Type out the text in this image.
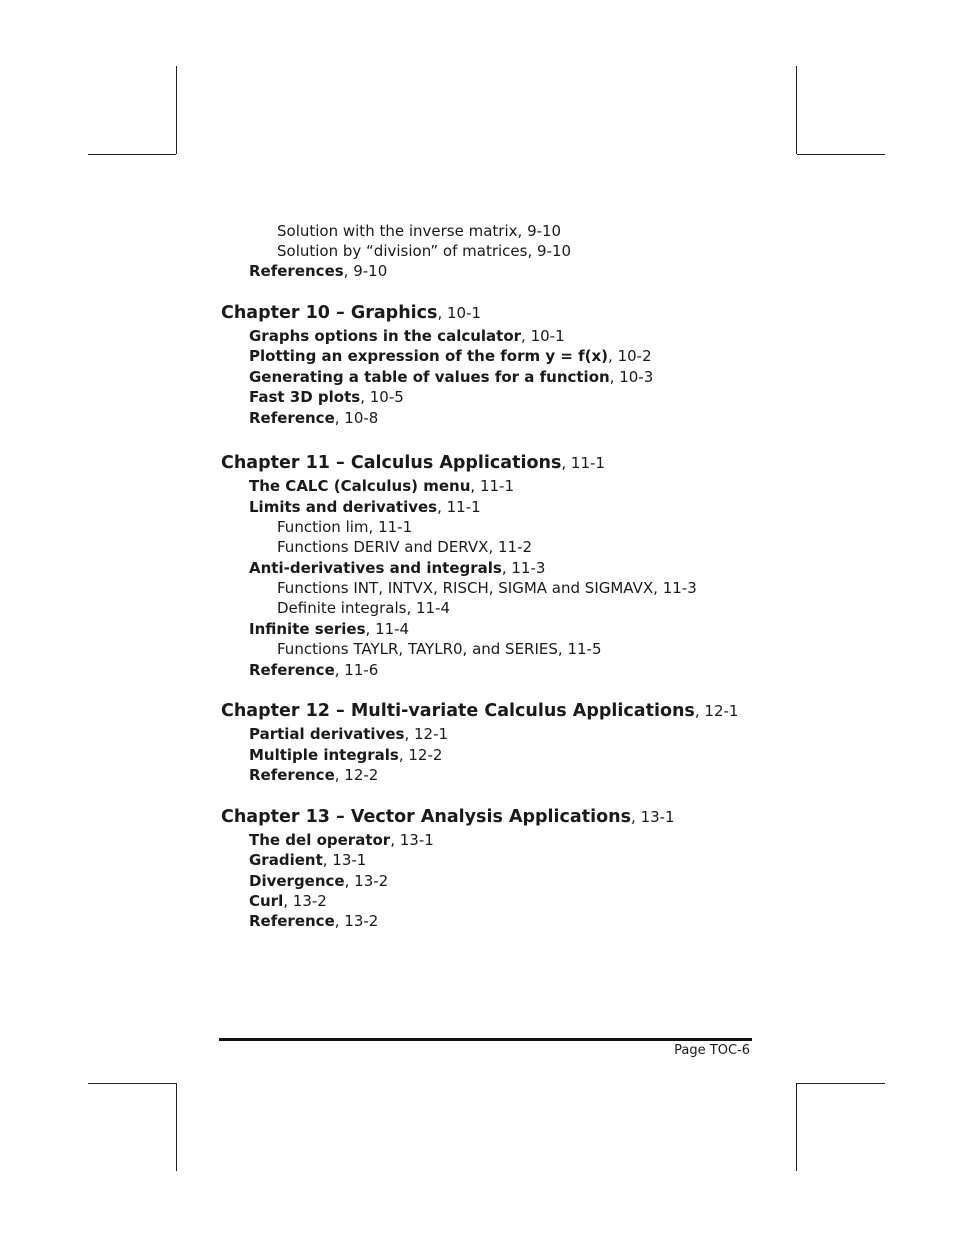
Solution with the inverse matrix, 9-10
Solution by “division” of matrices, 9-10
References, 9-10
Chapter 10 – Graphics, 10-1
Graphs options in the calculator, 10-1
Plotting an expression of the form y = f(x), 10-2
Generating a table of values for a function, 10-3
Fast 3D plots, 10-5
Reference, 10-8
Chapter 11 – Calculus Applications, 11-1
The CALC (Calculus) menu, 11-1
Limits and derivatives, 11-1
Function lim, 11-1
Functions DERIV and DERVX, 11-2
Anti-derivatives and integrals, 11-3
Functions INT, INTVX, RISCH, SIGMA and SIGMAVX, 11-3
Definite integrals, 11-4
Infinite series, 11-4
Functions TAYLR, TAYLR0, and SERIES, 11-5
Reference, 11-6
Chapter 12 – Multi-variate Calculus Applications, 12-1
Partial derivatives, 12-1
Multiple integrals, 12-2
Reference, 12-2
Chapter 13 – Vector Analysis Applications, 13-1
The del operator, 13-1
Gradient, 13-1
Divergence, 13-2
Curl, 13-2
Reference, 13-2
Page TOC-6
